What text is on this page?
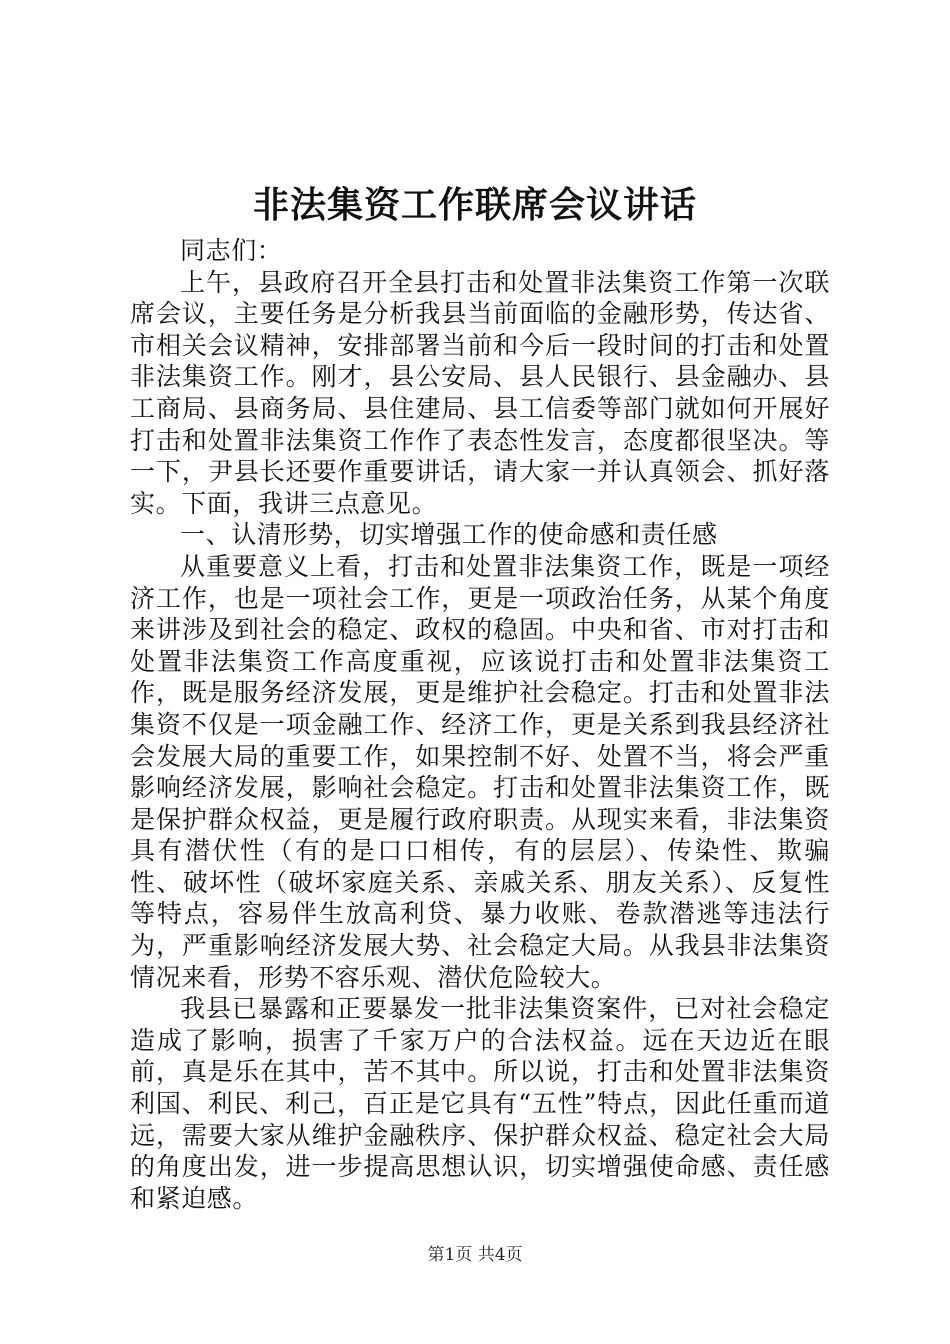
非法集资工作联席会议讲话

同志们：

上午，县政府召开全县打击和处置非法集资工作第一次联席会议，主要任务是分析我县当前面临的金融形势，传达省、市相关会议精神，安排部署当前和今后一段时间的打击和处置非法集资工作。刚才，县公安局、县人民银行、县金融办、县工商局、县商务局、县住建局、县工信委等部门就如何开展好打击和处置非法集资工作作了表态性发言，态度都很坚决。等一下，尹县长还要作重要讲话，请大家一并认真领会、抓好落实。下面，我讲三点意见。

一、认清形势，切实增强工作的使命感和责任感

从重要意义上看，打击和处置非法集资工作，既是一项经济工作，也是一项社会工作，更是一项政治任务，从某个角度来讲涉及到社会的稳定、政权的稳固。中央和省、市对打击和处置非法集资工作高度重视，应该说打击和处置非法集资工作，既是服务经济发展，更是维护社会稳定。打击和处置非法集资不仅是一项金融工作、经济工作，更是关系到我县经济社会发展大局的重要工作，如果控制不好、处置不当，将会严重影响经济发展，影响社会稳定。打击和处置非法集资工作，既是保护群众权益，更是履行政府职责。从现实来看，非法集资具有潜伏性（有的是口口相传，有的层层）、传染性、欺骗性、破坏性（破坏家庭关系、亲戚关系、朋友关系）、反复性等特点，容易伴生放高利贷、暴力收账、卷款潜逃等违法行为，严重影响经济发展大势、社会稳定大局。从我县非法集资情况来看，形势不容乐观、潜伏危险较大。

我县已暴露和正要暴发一批非法集资案件，已对社会稳定造成了影响，损害了千家万户的合法权益。远在天边近在眼前，真是乐在其中，苦不其中。所以说，打击和处置非法集资利国、利民、利己，百正是它具有“五性”特点，因此任重而道远，需要大家从维护金融秩序、保护群众权益、稳定社会大局的角度出发，进一步提高思想认识，切实增强使命感、责任感和紧迫感。

第1页 共4页
